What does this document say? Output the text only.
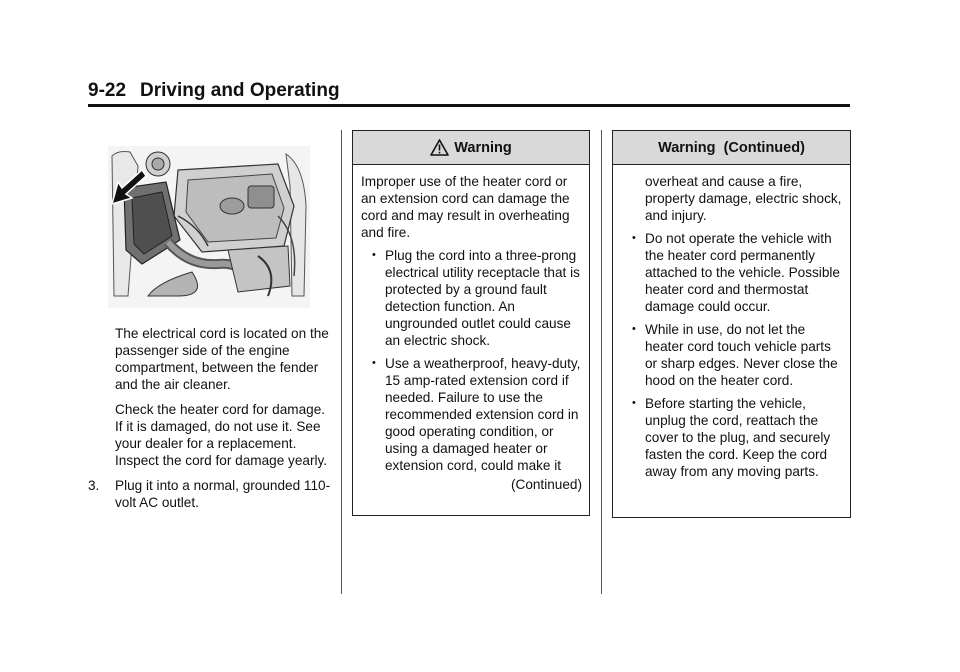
9-22 Driving and Operating

The electrical cord is located on the passenger side of the engine compartment, between the fender and the air cleaner.

Check the heater cord for damage. If it is damaged, do not use it. See your dealer for a replacement. Inspect the cord for damage yearly.

3.	Plug it into a normal, grounded 110-volt AC outlet.
Warning

Improper use of the heater cord or an extension cord can damage the cord and may result in overheating and fire.

• Plug the cord into a three-prong electrical utility receptacle that is protected by a ground fault detection function. An ungrounded outlet could cause an electric shock.
• Use a weatherproof, heavy-duty, 15 amp-rated extension cord if needed. Failure to use the recommended extension cord in good operating condition, or using a damaged heater or extension cord, could make it
(Continued)
Warning  (Continued)

overheat and cause a fire, property damage, electric shock, and injury.

• Do not operate the vehicle with the heater cord permanently attached to the vehicle. Possible heater cord and thermostat damage could occur.
• While in use, do not let the heater cord touch vehicle parts or sharp edges. Never close the hood on the heater cord.
• Before starting the vehicle, unplug the cord, reattach the cover to the plug, and securely fasten the cord. Keep the cord away from any moving parts.
